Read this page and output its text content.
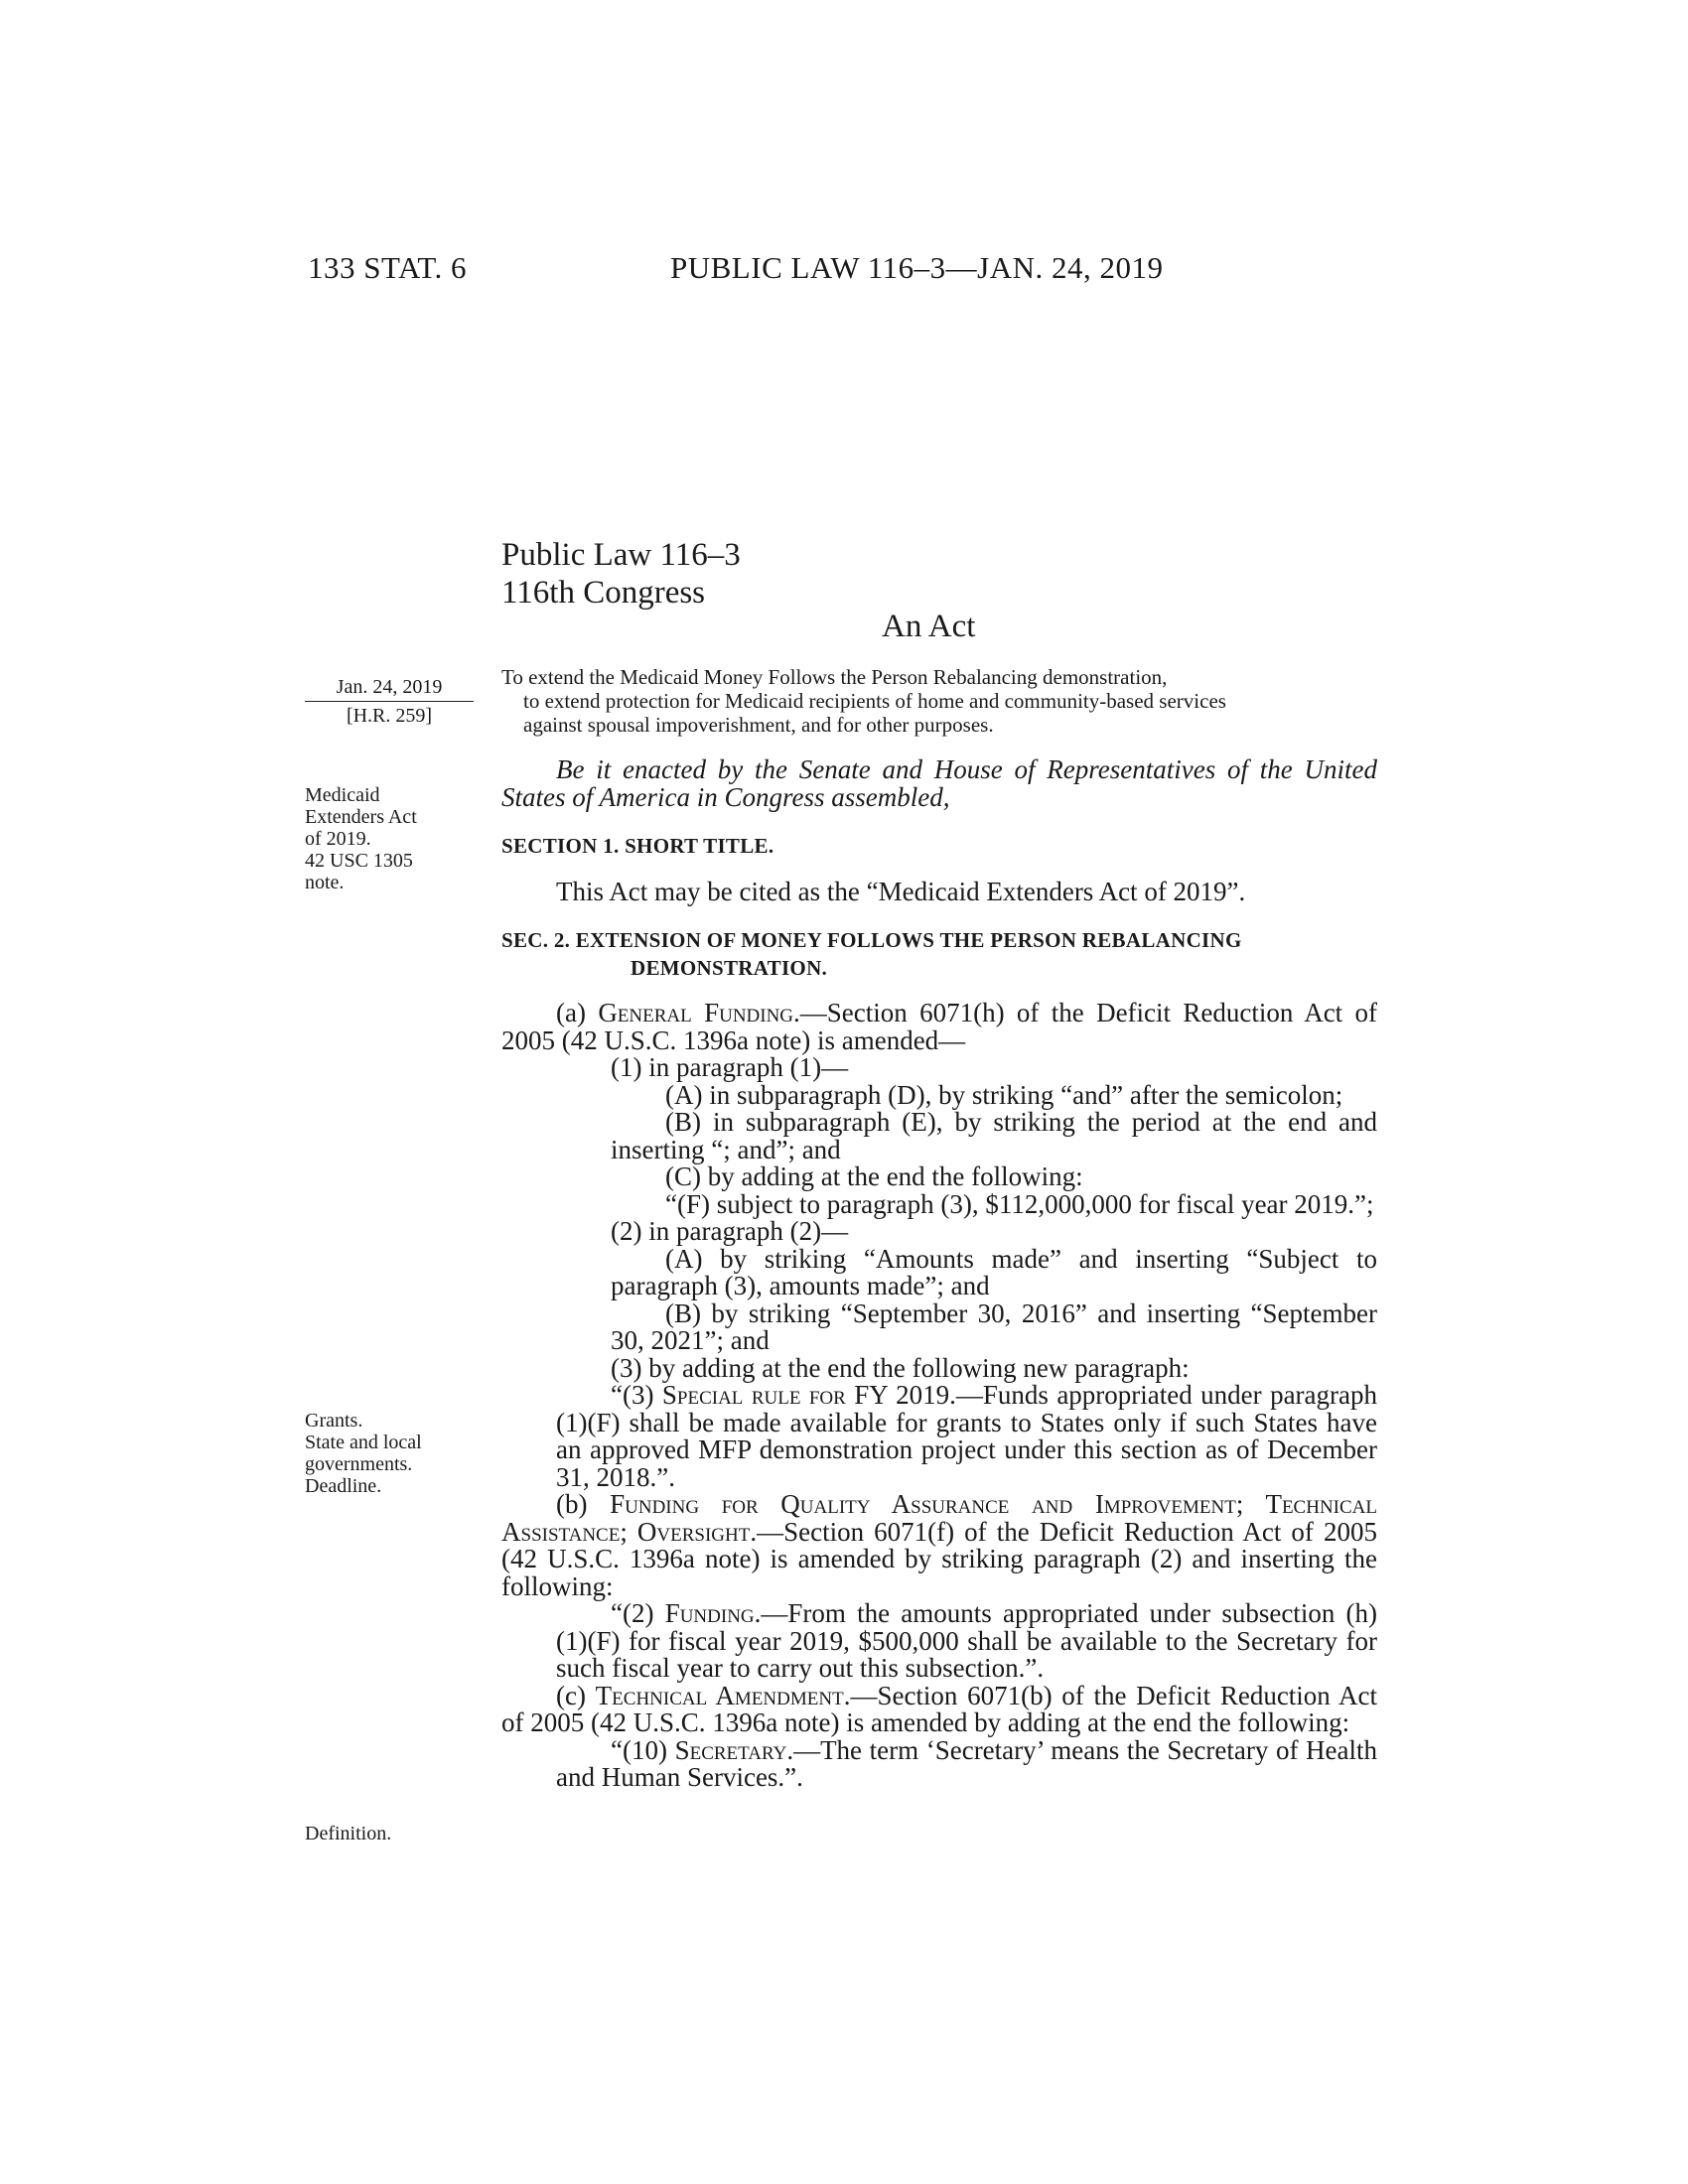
133 STAT. 6	PUBLIC LAW 116–3—JAN. 24, 2019
Public Law 116–3
116th Congress
An Act
Jan. 24, 2019
[H.R. 259]
Medicaid
Extenders Act
of 2019.
42 USC 1305
note.
Grants.
State and local
governments.
Deadline.
Definition.
To extend the Medicaid Money Follows the Person Rebalancing demonstration,
to extend protection for Medicaid recipients of home and community-based services
against spousal impoverishment, and for other purposes.

Be it enacted by the Senate and House of Representatives of the United States of America in Congress assembled,

SECTION 1. SHORT TITLE.

This Act may be cited as the “Medicaid Extenders Act of 2019”.

SEC. 2. EXTENSION OF MONEY FOLLOWS THE PERSON REBALANCING
DEMONSTRATION.

(a) General Funding.—Section 6071(h) of the Deficit Reduction Act of 2005 (42 U.S.C. 1396a note) is amended—

(1) in paragraph (1)—

(A) in subparagraph (D), by striking “and” after the semicolon;

(B) in subparagraph (E), by striking the period at the end and inserting “; and”; and

(C) by adding at the end the following:

“(F) subject to paragraph (3), $112,000,000 for fiscal year 2019.”;

(2) in paragraph (2)—

(A) by striking “Amounts made” and inserting “Subject to paragraph (3), amounts made”; and

(B) by striking “September 30, 2016” and inserting “September 30, 2021”; and

(3) by adding at the end the following new paragraph:

“(3) Special rule for FY 2019.—Funds appropriated under paragraph (1)(F) shall be made available for grants to States only if such States have an approved MFP demonstration project under this section as of December 31, 2018.”.

(b) Funding for Quality Assurance and Improvement; Technical Assistance; Oversight.—Section 6071(f) of the Deficit Reduction Act of 2005 (42 U.S.C. 1396a note) is amended by striking paragraph (2) and inserting the following:

“(2) Funding.—From the amounts appropriated under subsection (h)(1)(F) for fiscal year 2019, $500,000 shall be available to the Secretary for such fiscal year to carry out this subsection.”.

(c) Technical Amendment.—Section 6071(b) of the Deficit Reduction Act of 2005 (42 U.S.C. 1396a note) is amended by adding at the end the following:

“(10) Secretary.—The term ‘Secretary’ means the Secretary of Health and Human Services.”.
